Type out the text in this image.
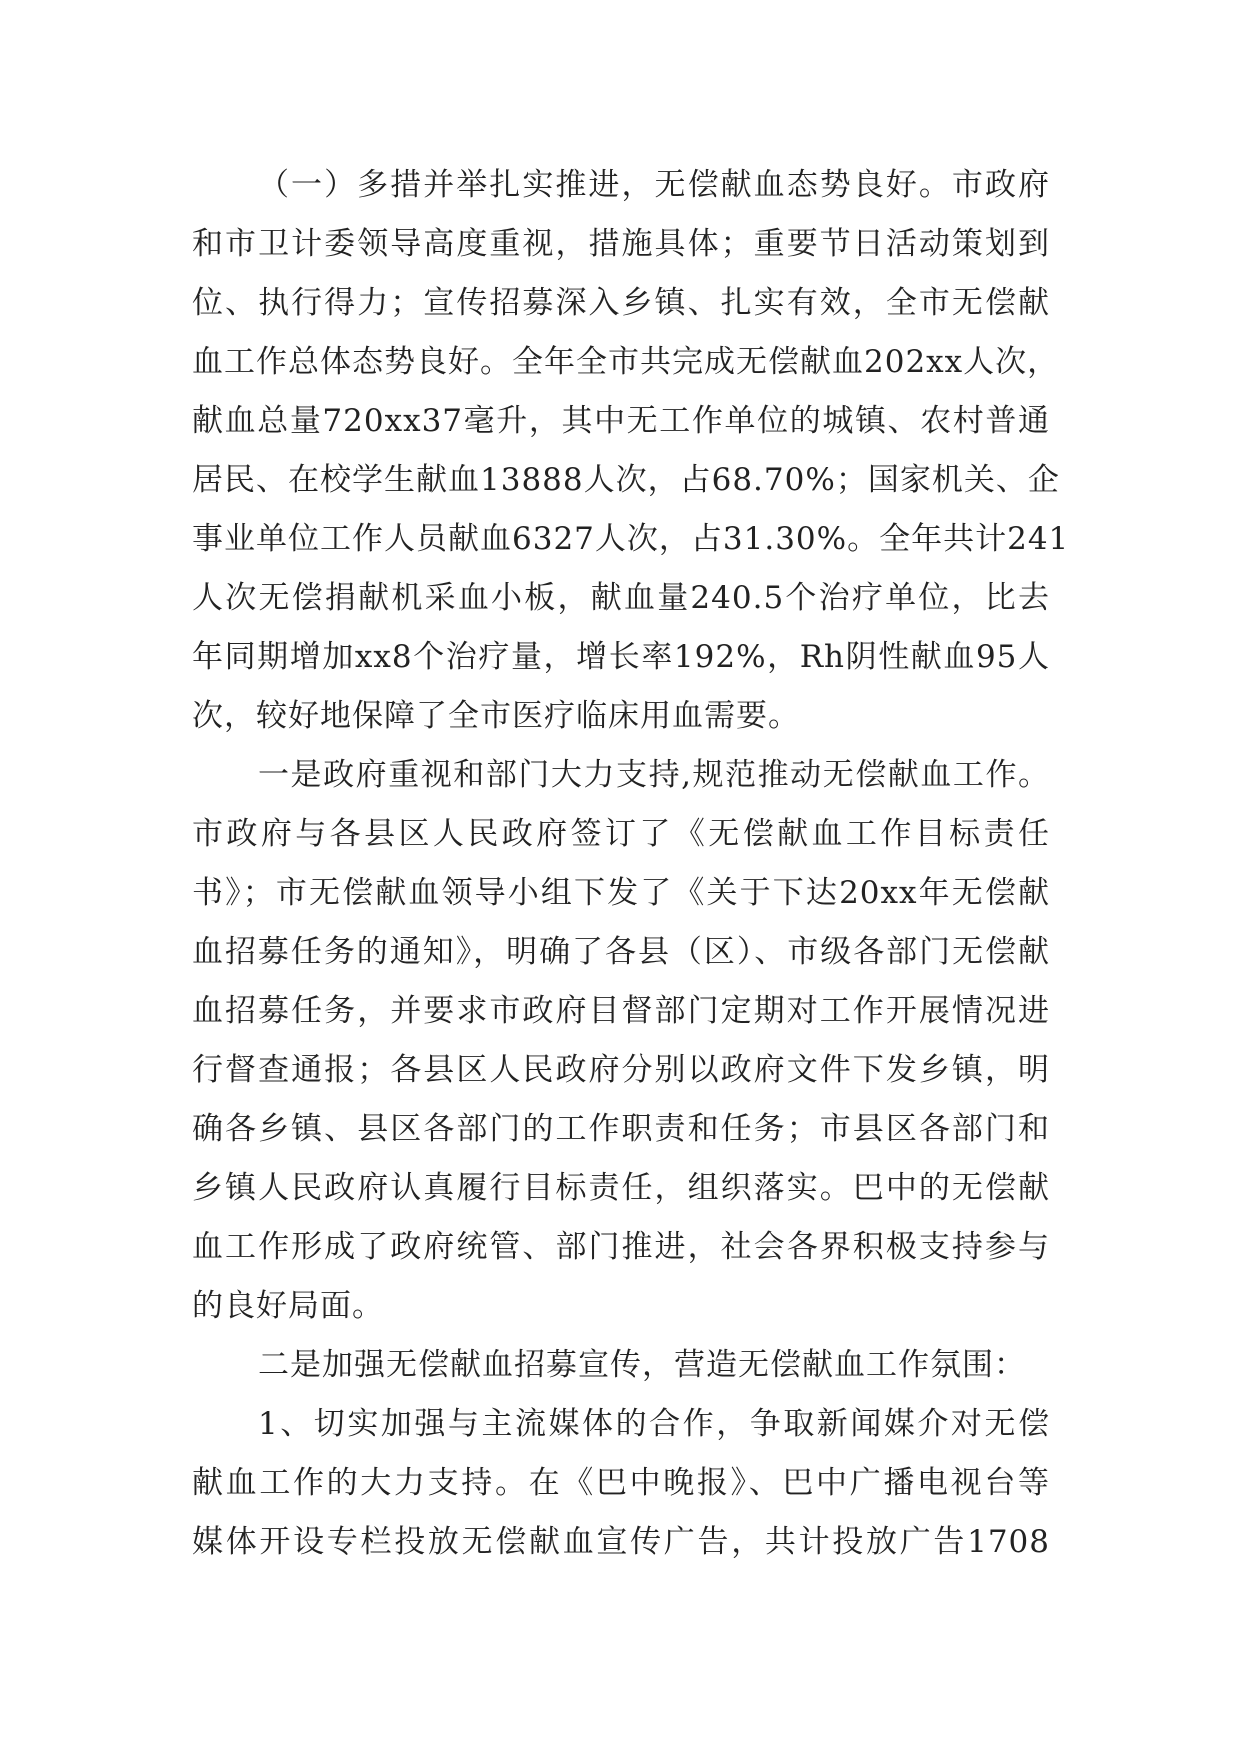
（一）多措并举扎实推进，无偿献血态势良好。市政府
和市卫计委领导高度重视，措施具体；重要节日活动策划到
位、执行得力；宣传招募深入乡镇、扎实有效，全市无偿献
血工作总体态势良好。全年全市共完成无偿献血202xx人次，
献血总量720xx37毫升，其中无工作单位的城镇、农村普通
居民、在校学生献血13888人次，占68.70%；国家机关、企
事业单位工作人员献血6327人次，占31.30%。全年共计241
人次无偿捐献机采血小板，献血量240.5个治疗单位，比去
年同期增加xx8个治疗量，增长率192%，Rh阴性献血95人
次，较好地保障了全市医疗临床用血需要。
一是政府重视和部门大力支持,规范推动无偿献血工作。
市政府与各县区人民政府签订了《无偿献血工作目标责任
书》；市无偿献血领导小组下发了《关于下达20xx年无偿献
血招募任务的通知》，明确了各县（区）、市级各部门无偿献
血招募任务，并要求市政府目督部门定期对工作开展情况进
行督查通报；各县区人民政府分别以政府文件下发乡镇，明
确各乡镇、县区各部门的工作职责和任务；市县区各部门和
乡镇人民政府认真履行目标责任，组织落实。巴中的无偿献
血工作形成了政府统管、部门推进，社会各界积极支持参与
的良好局面。
二是加强无偿献血招募宣传，营造无偿献血工作氛围：
1、切实加强与主流媒体的合作，争取新闻媒介对无偿
献血工作的大力支持。在《巴中晚报》、巴中广播电视台等
媒体开设专栏投放无偿献血宣传广告，共计投放广告1708
